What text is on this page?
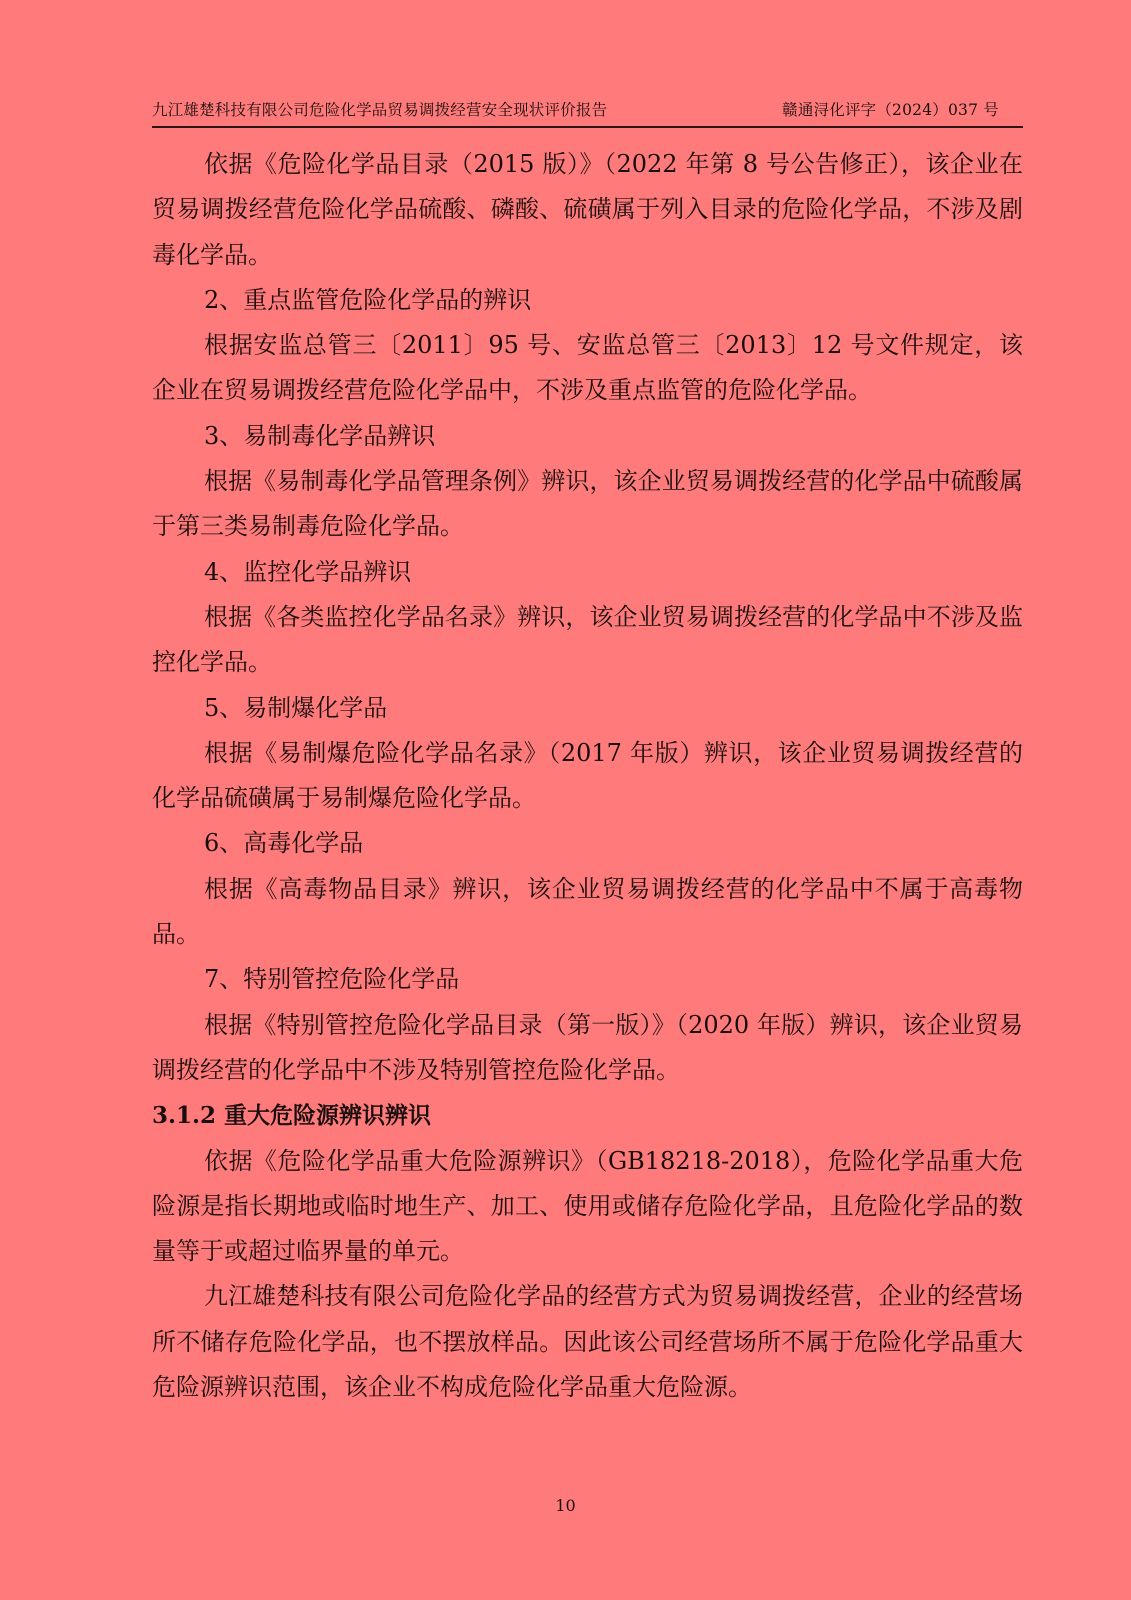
九江雄楚科技有限公司危险化学品贸易调拨经营安全现状评价报告	赣通浔化评字（2024）037 号

依据《危险化学品目录（2015 版）》（2022 年第 8 号公告修正），该企业在贸易调拨经营危险化学品硫酸、磷酸、硫磺属于列入目录的危险化学品，不涉及剧毒化学品。

2、重点监管危险化学品的辨识

根据安监总管三〔2011〕95 号、安监总管三〔2013〕12 号文件规定，该企业在贸易调拨经营危险化学品中，不涉及重点监管的危险化学品。

3、易制毒化学品辨识

根据《易制毒化学品管理条例》辨识，该企业贸易调拨经营的化学品中硫酸属于第三类易制毒危险化学品。

4、监控化学品辨识

根据《各类监控化学品名录》辨识，该企业贸易调拨经营的化学品中不涉及监控化学品。

5、易制爆化学品

根据《易制爆危险化学品名录》（2017 年版）辨识，该企业贸易调拨经营的化学品硫磺属于易制爆危险化学品。

6、高毒化学品

根据《高毒物品目录》辨识，该企业贸易调拨经营的化学品中不属于高毒物品。

7、特别管控危险化学品

根据《特别管控危险化学品目录（第一版）》（2020 年版）辨识，该企业贸易调拨经营的化学品中不涉及特别管控危险化学品。

3.1.2 重大危险源辨识辨识

依据《危险化学品重大危险源辨识》（GB18218-2018），危险化学品重大危险源是指长期地或临时地生产、加工、使用或储存危险化学品，且危险化学品的数量等于或超过临界量的单元。

九江雄楚科技有限公司危险化学品的经营方式为贸易调拨经营，企业的经营场所不储存危险化学品，也不摆放样品。因此该公司经营场所不属于危险化学品重大危险源辨识范围，该企业不构成危险化学品重大危险源。

10
